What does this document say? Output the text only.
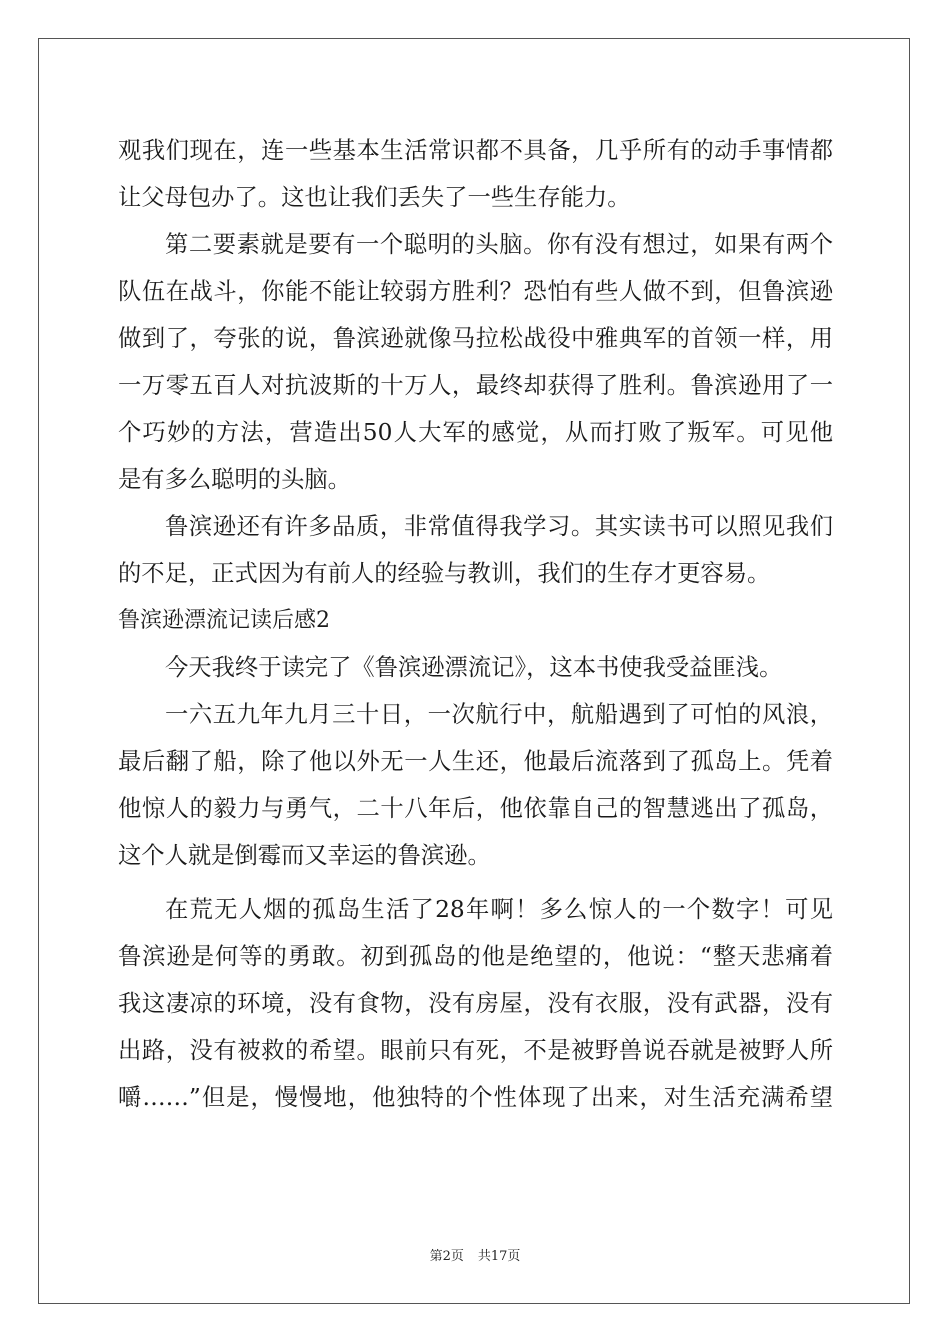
观我们现在，连一些基本生活常识都不具备，几乎所有的动手事情都
让父母包办了。这也让我们丢失了一些生存能力。
第二要素就是要有一个聪明的头脑。你有没有想过，如果有两个
队伍在战斗，你能不能让较弱方胜利？恐怕有些人做不到，但鲁滨逊
做到了，夸张的说，鲁滨逊就像马拉松战役中雅典军的首领一样，用
一万零五百人对抗波斯的十万人，最终却获得了胜利。鲁滨逊用了一
个巧妙的方法，营造出50人大军的感觉，从而打败了叛军。可见他
是有多么聪明的头脑。
鲁滨逊还有许多品质，非常值得我学习。其实读书可以照见我们
的不足，正式因为有前人的经验与教训，我们的生存才更容易。
鲁滨逊漂流记读后感2
今天我终于读完了《鲁滨逊漂流记》，这本书使我受益匪浅。
一六五九年九月三十日，一次航行中，航船遇到了可怕的风浪，
最后翻了船，除了他以外无一人生还，他最后流落到了孤岛上。凭着
他惊人的毅力与勇气，二十八年后，他依靠自己的智慧逃出了孤岛，
这个人就是倒霉而又幸运的鲁滨逊。
在荒无人烟的孤岛生活了28年啊！多么惊人的一个数字！可见
鲁滨逊是何等的勇敢。初到孤岛的他是绝望的，他说：“整天悲痛着
我这凄凉的环境，没有食物，没有房屋，没有衣服，没有武器，没有
出路，没有被救的希望。眼前只有死，不是被野兽说吞就是被野人所
嚼……”但是，慢慢地，他独特的个性体现了出来，对生活充满希望
第2页 共17页
